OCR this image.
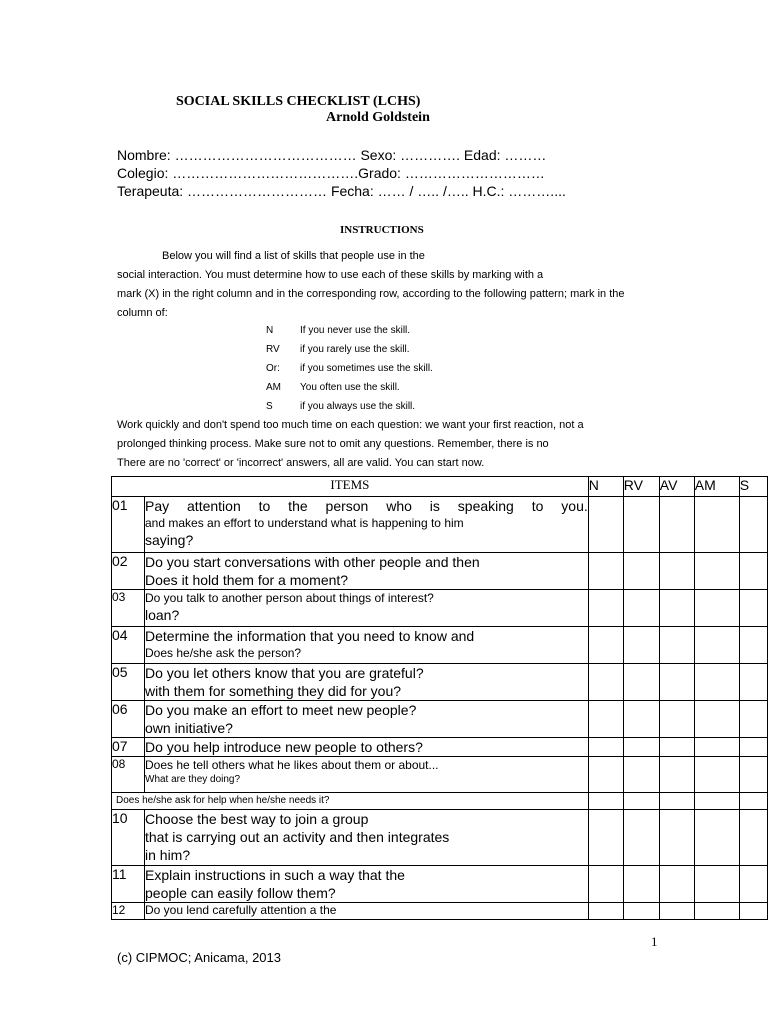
SOCIAL SKILLS CHECKLIST (LCHS)
Arnold Goldstein
Nombre: ………………………………… Sexo: …………. Edad: ………
Colegio: ………………………………….Grado: …………………………
Terapeuta: ………………………… Fecha: …… / ….. /….. H.C.: ………....
INSTRUCTIONS
Below you will find a list of skills that people use in the
social interaction. You must determine how to use each of these skills by marking with a
mark (X) in the right column and in the corresponding row, according to the following pattern; mark in the
column of:
N	If you never use the skill.
RV if you rarely use the skill.
Or: if you sometimes use the skill.
AM You often use the skill.
S	if you always use the skill.
Work quickly and don't spend too much time on each question: we want your first reaction, not a
prolonged thinking process. Make sure not to omit any questions. Remember, there is no
There are no 'correct' or 'incorrect' answers, all are valid. You can start now.
ITEMS		N	RV	AV	AM	S
01	Pay attention to the person who is speaking to you.
and makes an effort to understand what is happening to him
saying?					

02	Do you start conversations with other people and then
Does it hold them for a moment?					

03	Do you talk to another person about things of interest?
loan?					

04	Determine the information that you need to know and
Does he/she ask the person?					

05	Do you let others know that you are grateful?
with them for something they did for you?					

06	Do you make an effort to meet new people?
own initiative?					

07	Do you help introduce new people to others?					

08	Does he tell others what he likes about them or about...
What are they doing?					

Does he/she ask for help when he/she needs it?						

10	Choose the best way to join a group
that is carrying out an activity and then integrates
in him?					

11	Explain instructions in such a way that the
people can easily follow them?					

12	Do you lend carefully attention a the					

1
(c) CIPMOC; Anicama, 2013
